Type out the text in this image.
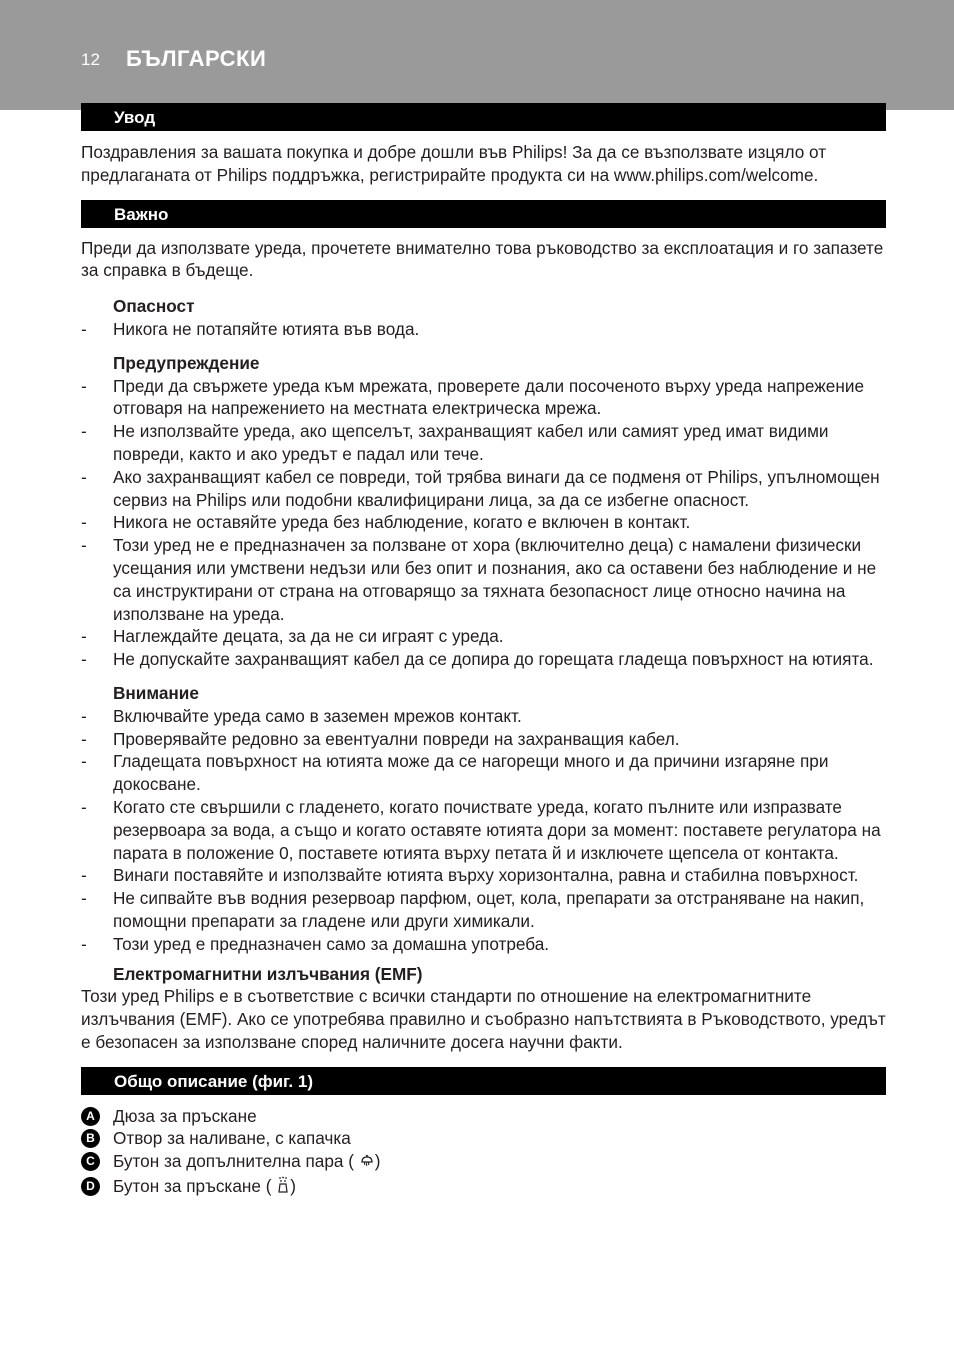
12 БЪЛГАРСКИ
Увод

Поздравления за вашата покупка и добре дошли във Philips! За да се възползвате изцяло от предлаганата от Philips поддръжка, регистрирайте продукта си на www.philips.com/welcome.

Важно

Преди да използвате уреда, прочетете внимателно това ръководство за експлоатация и го запазете за справка в бъдеще.

Опасност
- Никога не потапяйте ютията във вода.
Предупреждение
- Преди да свържете уреда към мрежата, проверете дали посоченото върху уреда напрежение отговаря на напрежението на местната електрическа мрежа.
- Не използвайте уреда, ако щепселът, захранващият кабел или самият уред имат видими повреди, както и ако уредът е падал или тече.
- Ако захранващият кабел се повреди, той трябва винаги да се подменя от Philips, упълномощен сервиз на Philips или подобни квалифицирани лица, за да се избегне опасност.
- Никога не оставяйте уреда без наблюдение, когато е включен в контакт.
- Този уред не е предназначен за ползване от хора (включително деца) с намалени физически усещания или умствени недъзи или без опит и познания, ако са оставени без наблюдение и не са инструктирани от страна на отговарящо за тяхната безопасност лице относно начина на използване на уреда.
- Наглеждайте децата, за да не си играят с уреда.
- Не допускайте захранващият кабел да се допира до горещата гладеща повърхност на ютията.
Внимание
- Включвайте уреда само в заземен мрежов контакт.
- Проверявайте редовно за евентуални повреди на захранващия кабел.
- Гладещата повърхност на ютията може да се нагорещи много и да причини изгаряне при докосване.
- Когато сте свършили с гладенето, когато почиствате уреда, когато пълните или изпразвате резервоара за вода, а също и когато оставяте ютията дори за момент: поставете регулатора на парата в положение 0, поставете ютията върху петата й и изключете щепсела от контакта.
- Винаги поставяйте и използвайте ютията върху хоризонтална, равна и стабилна повърхност.
- Не сипвайте във водния резервоар парфюм, оцет, кола, препарати за отстраняване на накип, помощни препарати за гладене или други химикали.
- Този уред е предназначен само за домашна употреба.
Електромагнитни излъчвания (EMF)

Този уред Philips е в съответствие с всички стандарти по отношение на електромагнитните излъчвания (EMF). Ако се употребява правилно и съобразно напътствията в Ръководството, уредът е безопасен за използване според наличните досега научни факти.

Общо описание (фиг. 1)
A	Дюза за пръскане
B	Отвор за наливане, с капачка
C	Бутон за допълнителна пара ( )
D	Бутон за пръскане ( )
